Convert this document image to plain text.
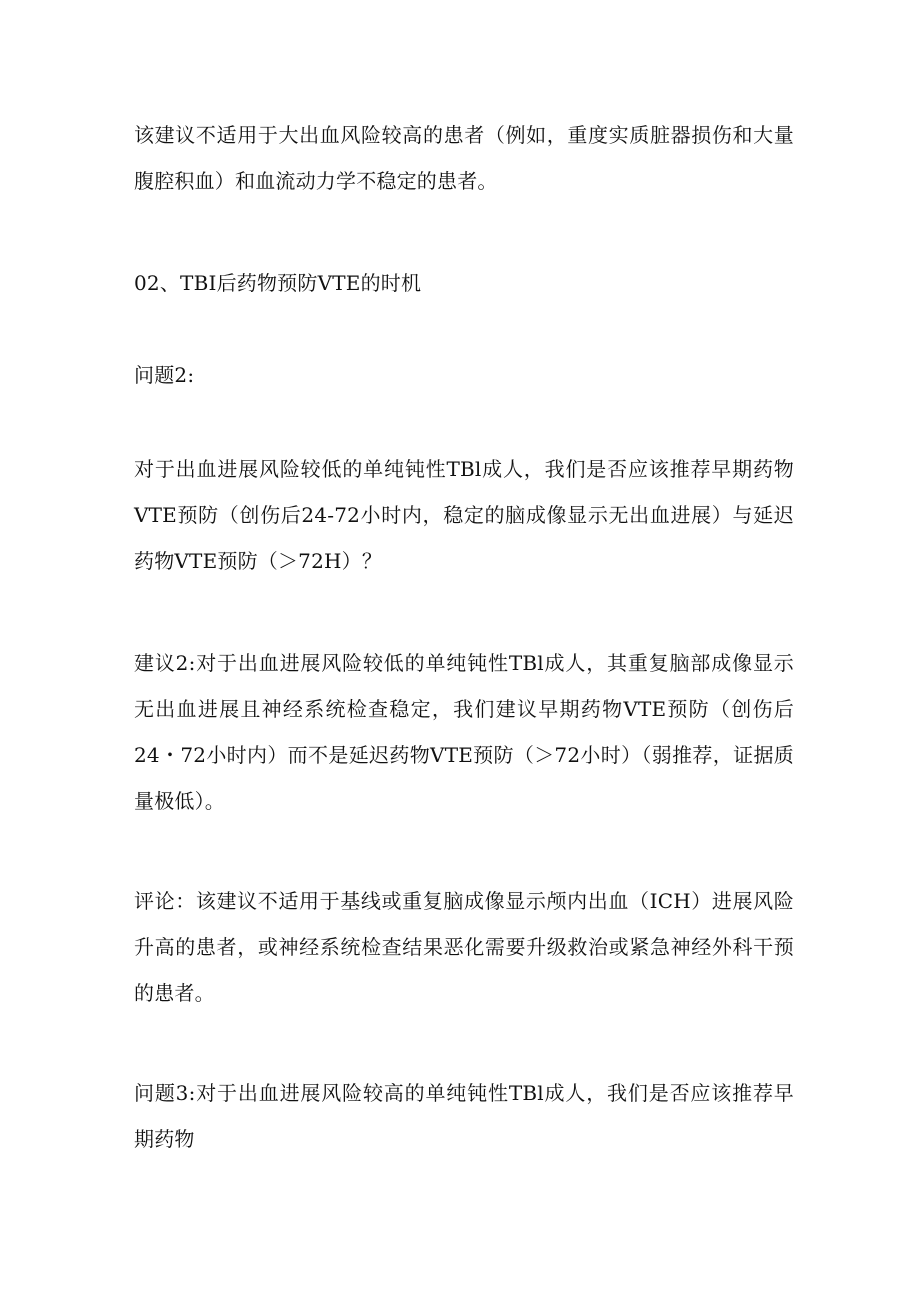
该建议不适用于大出血风险较高的患者（例如，重度实质脏器损伤和大量腹腔积血）和血流动力学不稳定的患者。

02、TBI后药物预防VTE的时机

问题2:

对于出血进展风险较低的单纯钝性TBl成人，我们是否应该推荐早期药物VTE预防（创伤后24-72小时内，稳定的脑成像显示无出血进展）与延迟药物VTE预防（＞72H）？

建议2:对于出血进展风险较低的单纯钝性TBl成人，其重复脑部成像显示无出血进展且神经系统检查稳定，我们建议早期药物VTE预防（创伤后24・72小时内）而不是延迟药物VTE预防（＞72小时）（弱推荐，证据质量极低）。

评论：该建议不适用于基线或重复脑成像显示颅内出血（ICH）进展风险升高的患者，或神经系统检查结果恶化需要升级救治或紧急神经外科干预的患者。

问题3:对于出血进展风险较高的单纯钝性TBl成人，我们是否应该推荐早期药物
